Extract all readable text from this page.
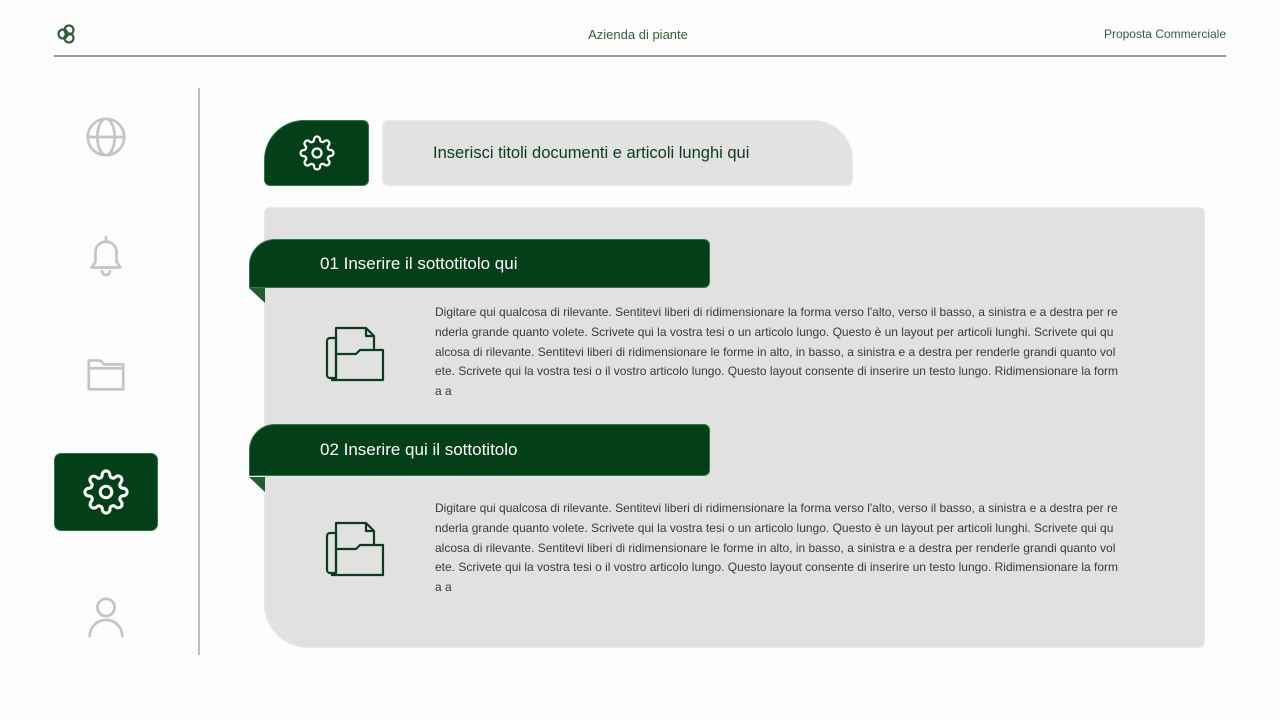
Azienda di piante	Proposta Commerciale
Inserisci titoli documenti e articoli lunghi qui
01 Inserire il sottotitolo qui
Digitare qui qualcosa di rilevante. Sentitevi liberi di ridimensionare la forma verso l'alto, verso il basso, a sinistra e a destra per re
nderla grande quanto volete. Scrivete qui la vostra tesi o un articolo lungo. Questo è un layout per articoli lunghi. Scrivete qui qu
alcosa di rilevante. Sentitevi liberi di ridimensionare le forme in alto, in basso, a sinistra e a destra per renderle grandi quanto vol
ete. Scrivete qui la vostra tesi o il vostro articolo lungo. Questo layout consente di inserire un testo lungo. Ridimensionare la form
a a
02 Inserire qui il sottotitolo
Digitare qui qualcosa di rilevante. Sentitevi liberi di ridimensionare la forma verso l'alto, verso il basso, a sinistra e a destra per re
nderla grande quanto volete. Scrivete qui la vostra tesi o un articolo lungo. Questo è un layout per articoli lunghi. Scrivete qui qu
alcosa di rilevante. Sentitevi liberi di ridimensionare le forme in alto, in basso, a sinistra e a destra per renderle grandi quanto vol
ete. Scrivete qui la vostra tesi o il vostro articolo lungo. Questo layout consente di inserire un testo lungo. Ridimensionare la form
a a
